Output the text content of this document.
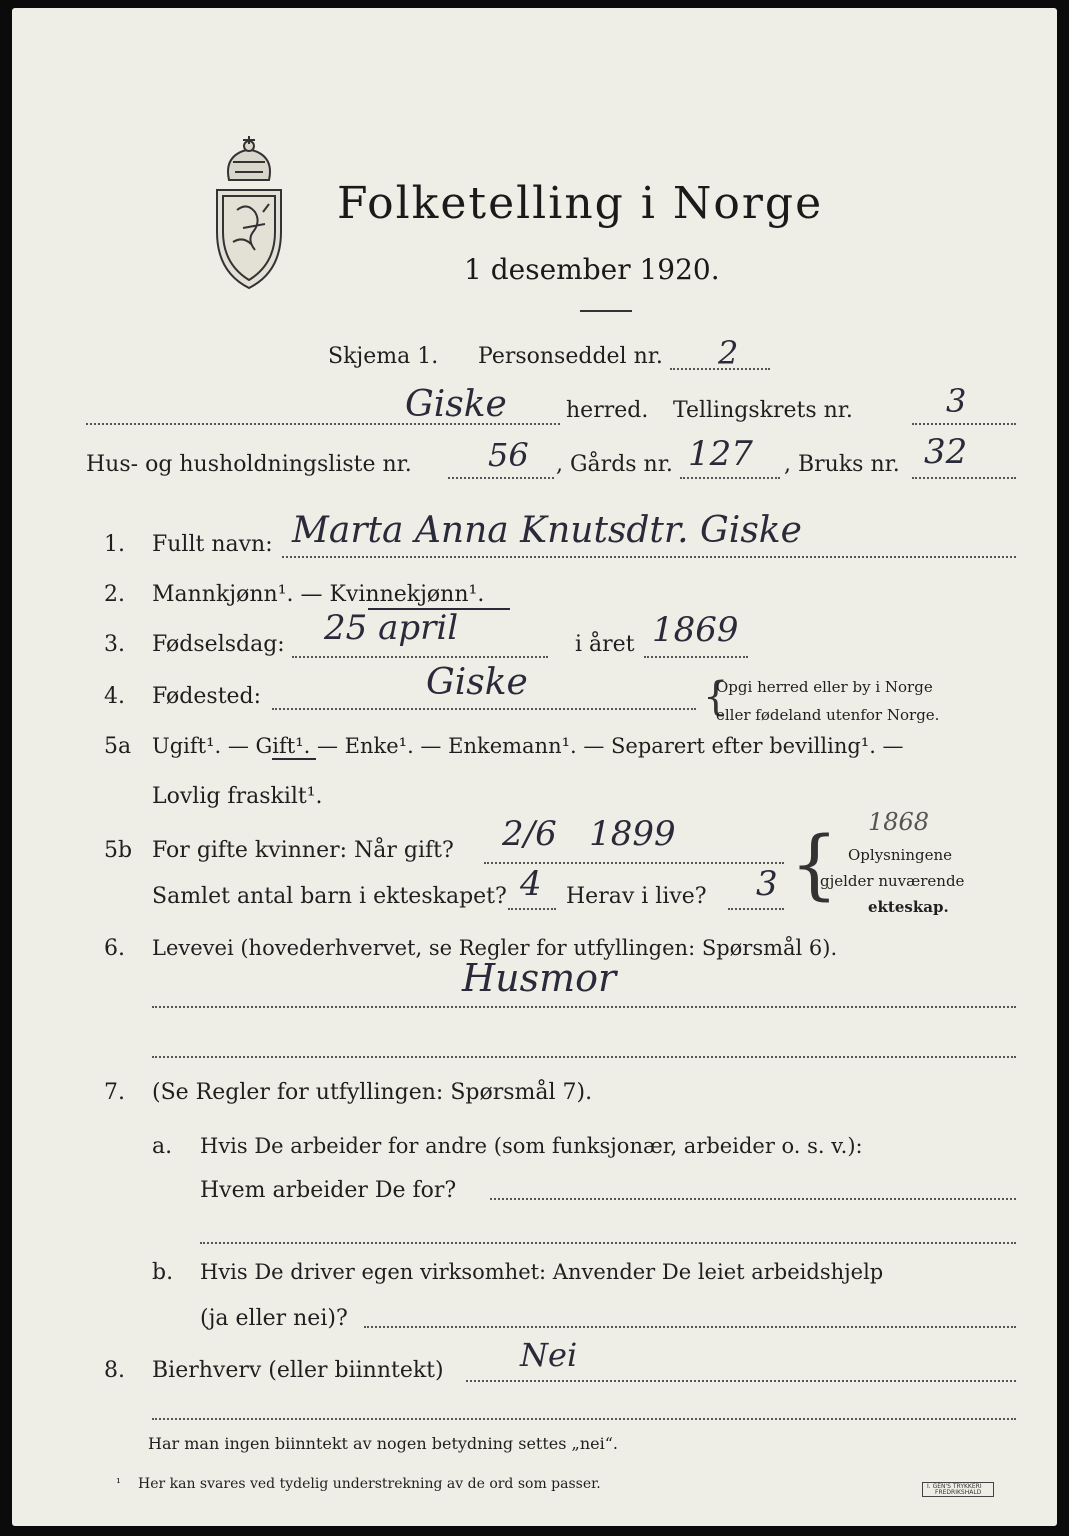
Folketelling i Norge
1 desember 1920.
Skjema 1. Personseddel nr. 2
Giske	herred. Tellingskrets nr.	3
Hus- og husholdningsliste nr. 56 , Gårds nr. 127 , Bruks nr. 32
1. Fullt navn: Marta Anna Knutsdtr. Giske
2. Mannkjønn¹. — Kvinnekjønn¹.
3. Fødselsdag: 25 april	i året 1869
4. Fødested:	Giske	{
Opgi herred eller by i Norge
eller fødeland utenfor Norge.
5a Ugift¹. — Gift¹. — Enke¹. — Enkemann¹. — Separert efter bevilling¹. —
Lovlig fraskilt¹.
5b For gifte kvinner: Når gift? 2/6   1899	1868
Samlet antal barn i ekteskapet? 4 Herav i live? 3 { Oplysningene
gjelder nuværende
ekteskap.
6. Levevei (hovederhvervet, se Regler for utfyllingen: Spørsmål 6).
Husmor
7. (Se Regler for utfyllingen: Spørsmål 7).
a. Hvis De arbeider for andre (som funksjonær, arbeider o. s. v.):
Hvem arbeider De for?
b. Hvis De driver egen virksomhet: Anvender De leiet arbeidshjelp
(ja eller nei)?
8. Bierhverv (eller biinntekt) Nei
Har man ingen biinntekt av nogen betydning settes „nei“.
¹ Her kan svares ved tydelig understrekning av de ord som passer.	I. GEN'S TRYKKERI
FREDRIKSHALD
